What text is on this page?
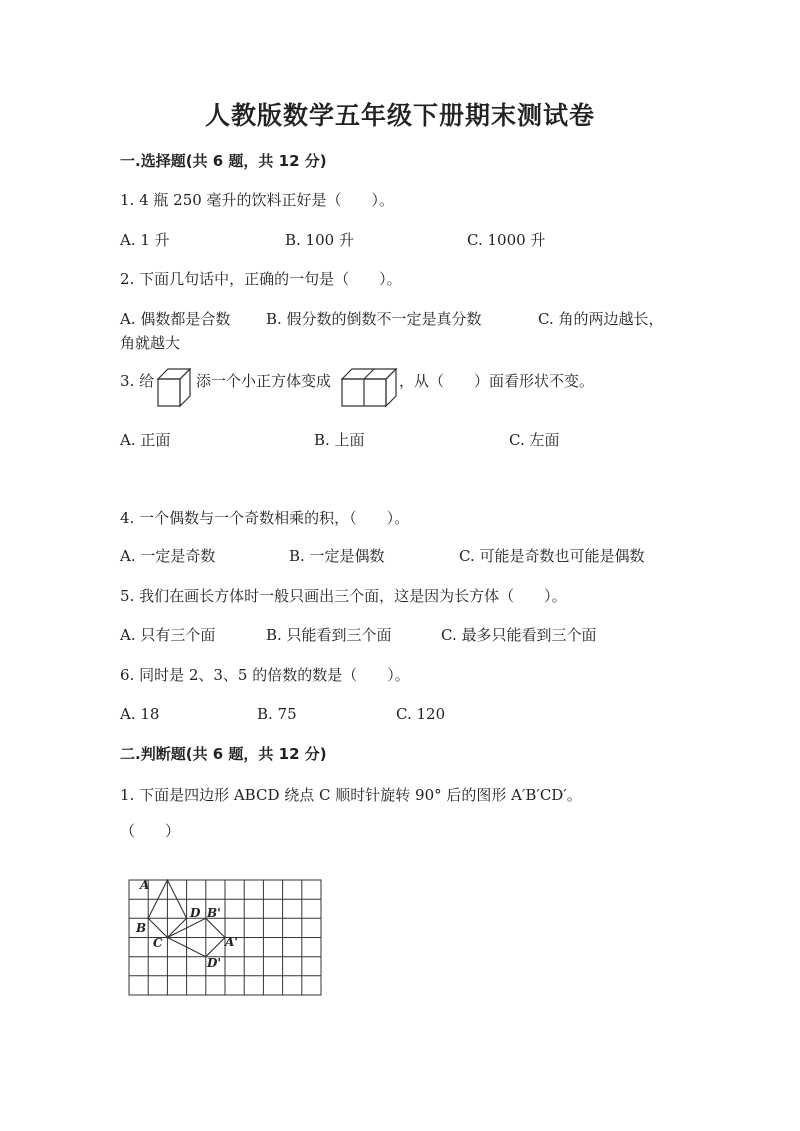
人教版数学五年级下册期末测试卷
一.选择题(共 6 题，共 12 分)
1. 4 瓶 250 毫升的饮料正好是（　　）。
A. 1 升	B. 100 升	C. 1000 升
2. 下面几句话中，正确的一句是（　　）。
A. 偶数都是合数 B. 假分数的倒数不一定是真分数	C. 角的两边越长，
角就越大
3. 给	添一个小正方体变成	，从（　　）面看形状不变。
A. 正面	B. 上面	C. 左面
4. 一个偶数与一个奇数相乘的积，（　　）。
A. 一定是奇数	B. 一定是偶数	C. 可能是奇数也可能是偶数
5. 我们在画长方体时一般只画出三个面，这是因为长方体（　　）。
A. 只有三个面	B. 只能看到三个面	C. 最多只能看到三个面
6. 同时是 2、3、5 的倍数的数是（　　）。
A. 18	B. 75	C. 120
二.判断题(共 6 题，共 12 分)
1. 下面是四边形 ABCD 绕点 C 顺时针旋转 90° 后的图形 A′B′CD′。
（　　）
A
B
C
D B'
A'
D'
